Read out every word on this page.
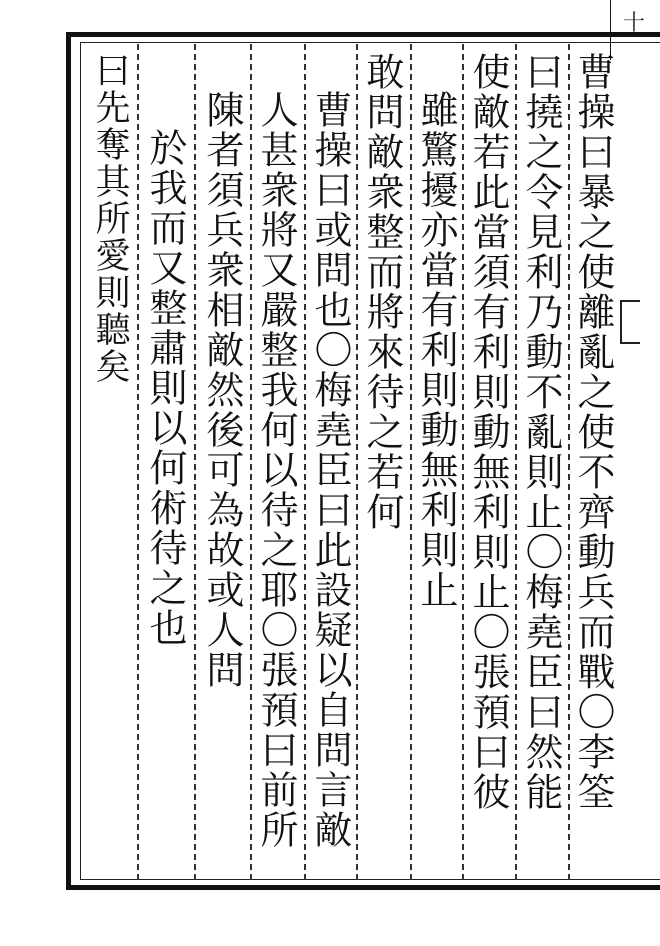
十
曹操曰暴之使離亂之使不齊動兵而戰〇李筌
曰撓之令見利乃動不亂則止〇梅堯臣曰然能
使敵若此當須有利則動無利則止〇張預曰彼
雖驚擾亦當有利則動無利則止
敢問敵衆整而將來待之若何
曹操曰或問也〇梅堯臣曰此設疑以自問言敵
人甚衆將又嚴整我何以待之耶〇張預曰前所
陳者須兵衆相敵然後可為故或人問
於我而又整肅則以何術待之也
曰先奪其所愛則聽矣
